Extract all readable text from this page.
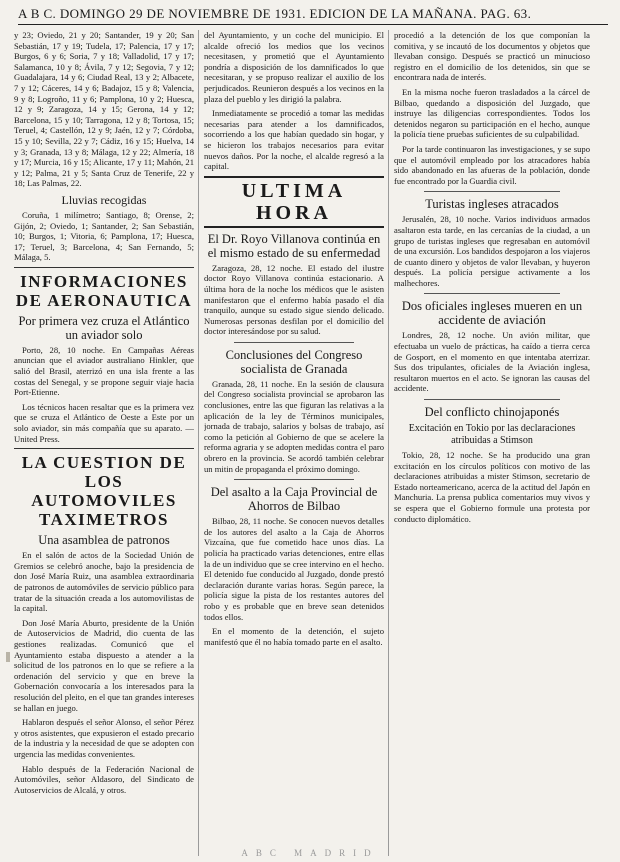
A B C. DOMINGO 29 DE NOVIEMBRE DE 1931. EDICION DE LA MAÑANA. PAG. 63.

y 23; Oviedo, 21 y 20; Santander, 19 y 20; San Sebastián, 17 y 19; Tudela, 17; Palencia, 17 y 17; Burgos, 6 y 6; Soria, 7 y 18; Valladolid, 17 y 17; Salamanca, 10 y 8; Ávila, 7 y 12; Segovia, 7 y 12; Guadalajara, 14 y 6; Ciudad Real, 13 y 2; Albacete, 7 y 12; Cáceres, 14 y 6; Badajoz, 15 y 8; Valencia, 9 y 8; Logroño, 11 y 6; Pamplona, 10 y 2; Huesca, 12 y 9; Zaragoza, 14 y 15; Gerona, 14 y 12; Barcelona, 15 y 10; Tarragona, 12 y 8; Tortosa, 15; Teruel, 4; Castellón, 12 y 9; Jaén, 12 y 7; Córdoba, 15 y 10; Sevilla, 22 y 7; Cádiz, 16 y 15; Huelva, 14 y 3; Granada, 13 y 8; Málaga, 12 y 22; Almería, 18 y 17; Murcia, 16 y 15; Alicante, 17 y 11; Mahón, 21 y 12; Palma, 21 y 5; Santa Cruz de Tenerife, 22 y 18; Las Palmas, 22.

Lluvias recogidas

Coruña, 1 milímetro; Santiago, 8; Orense, 2; Gijón, 2; Oviedo, 1; Santander, 2; San Sebastián, 10; Burgos, 1; Vitoria, 6; Pamplona, 17; Huesca, 17; Teruel, 3; Barcelona, 4; San Fernando, 5; Málaga, 5.

INFORMACIONES DE AERONAUTICA
Por primera vez cruza el Atlántico un aviador solo

Porto, 28, 10 noche. En Campañas Aéreas anuncian que el aviador australiano Hinkler, que salió del Brasil, aterrizó en una isla frente a las costas del Senegal, y se propone seguir viaje hacia Port-Etienne.

Los técnicos hacen resaltar que es la primera vez que se cruza el Atlántico de Oeste a Este por un solo aviador, sin más compañía que su aparato. — United Press.

LA CUESTION DE LOS AUTOMOVILES TAXIMETROS
Una asamblea de patronos

En el salón de actos de la Sociedad Unión de Gremios se celebró anoche, bajo la presidencia de don José María Ruiz, una asamblea extraordinaria de patronos de automóviles de servicio público para tratar de la situación creada a los automovilistas de la capital.

Don José María Aburto, presidente de la Unión de Autoservicios de Madrid, dio cuenta de las gestiones realizadas. Comunicó que el Ayuntamiento estaba dispuesto a atender a la solicitud de los patronos en lo que se refiere a la ordenación del servicio y que en breve la Gobernación convocaría a los interesados para la resolución del pleito, en el que tan grandes intereses se hallan en juego.

Hablaron después el señor Alonso, el señor Pérez y otros asistentes, que expusieron el estado precario de la industria y la necesidad de que se adopten con urgencia las medidas convenientes.

Hablo después de la Federación Nacional de Automóviles, señor Aldasoro, del Sindicato de Autoservicios de Alcalá, y otros.

del Ayuntamiento, y un coche del municipio. El alcalde ofreció los medios que los vecinos necesitasen, y prometió que el Ayuntamiento pondría a disposición de los damnificados lo que necesitaran, y se propuso realizar el auxilio de los perjudicados. Reunieron después a los vecinos en la plaza del pueblo y les dirigió la palabra.

Inmediatamente se procedió a tomar las medidas necesarias para atender a los damnificados, socorriendo a los que habían quedado sin hogar, y se hicieron los trabajos necesarios para evitar nuevos daños. Por la noche, el alcalde regresó a la capital.

ULTIMA HORA
El Dr. Royo Villanova continúa en el mismo estado de su enfermedad

Zaragoza, 28, 12 noche. El estado del ilustre doctor Royo Villanova continúa estacionario. A última hora de la noche los médicos que le asisten manifestaron que el enfermo había pasado el día tranquilo, aunque su estado sigue siendo delicado. Numerosas personas desfilan por el domicilio del doctor interesándose por su salud.

Conclusiones del Congreso socialista de Granada

Granada, 28, 11 noche. En la sesión de clausura del Congreso socialista provincial se aprobaron las conclusiones, entre las que figuran las relativas a la aplicación de la ley de Términos municipales, jornada de trabajo, salarios y bolsas de trabajo, así como la petición al Gobierno de que se acelere la reforma agraria y se adopten medidas contra el paro obrero en la provincia. Se acordó también celebrar un mitin de propaganda el próximo domingo.

Del asalto a la Caja Provincial de Ahorros de Bilbao

Bilbao, 28, 11 noche. Se conocen nuevos detalles de los autores del asalto a la Caja de Ahorros Vizcaína, que fue cometido hace unos días. La policía ha practicado varias detenciones, entre ellas la de un individuo que se cree intervino en el hecho. El detenido fue conducido al Juzgado, donde prestó declaración durante varias horas. Según parece, la policía sigue la pista de los restantes autores del robo y es probable que en breve sean detenidos todos ellos.

En el momento de la detención, el sujeto manifestó que él no había tomado parte en el asalto.

procedió a la detención de los que componían la comitiva, y se incautó de los documentos y objetos que llevaban consigo. Después se practicó un minucioso registro en el domicilio de los detenidos, sin que se encontrara nada de interés.

En la misma noche fueron trasladados a la cárcel de Bilbao, quedando a disposición del Juzgado, que instruye las diligencias correspondientes. Todos los detenidos negaron su participación en el hecho, aunque la policía tiene pruebas suficientes de su culpabilidad.

Por la tarde continuaron las investigaciones, y se supo que el automóvil empleado por los atracadores había sido abandonado en las afueras de la población, donde fue encontrado por la Guardia civil.

Turistas ingleses atracados

Jerusalén, 28, 10 noche. Varios individuos armados asaltaron esta tarde, en las cercanías de la ciudad, a un grupo de turistas ingleses que regresaban en automóvil de una excursión. Los bandidos despojaron a los viajeros de cuanto dinero y objetos de valor llevaban, y huyeron después. La policía persigue activamente a los malhechores.

Dos oficiales ingleses mueren en un accidente de aviación

Londres, 28, 12 noche. Un avión militar, que efectuaba un vuelo de prácticas, ha caído a tierra cerca de Gosport, en el momento en que intentaba aterrizar. Sus dos tripulantes, oficiales de la Aviación inglesa, resultaron muertos en el acto. Se ignoran las causas del accidente.

Del conflicto chinojaponés
Excitación en Tokio por las declaraciones atribuidas a Stimson

Tokio, 28, 12 noche. Se ha producido una gran excitación en los círculos políticos con motivo de las declaraciones atribuidas a mister Stimson, secretario de Estado norteamericano, acerca de la actitud del Japón en Manchuria. La prensa publica comentarios muy vivos y se espera que el Gobierno formule una protesta por conducto diplomático.

ABC MADRID
